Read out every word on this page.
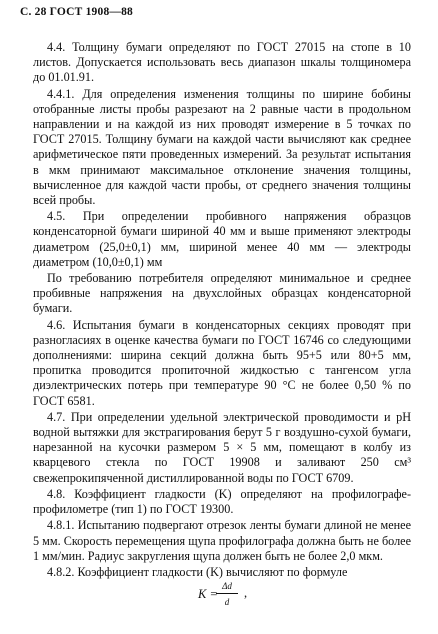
С. 28 ГОСТ 1908—88

4.4. Толщину бумаги определяют по ГОСТ 27015 на стопе в 10 листов. Допускается использовать весь диапазон шкалы толщиномера до 01.01.91.

4.4.1. Для определения изменения толщины по ширине бобины отобранные листы пробы разрезают на 2 равные части в продольном направлении и на каждой из них проводят измерение в 5 точках по ГОСТ 27015. Толщину бумаги на каждой части вычисляют как среднее арифметическое пяти проведенных измерений. За результат испытания в мкм принимают максимальное отклонение значения толщины, вычисленное для каждой части пробы, от среднего значения толщины всей пробы.

4.5. При определении пробивного напряжения образцов конденсаторной бумаги шириной 40 мм и выше применяют электроды диаметром (25,0±0,1) мм, шириной менее 40 мм — электроды диаметром (10,0±0,1) мм

По требованию потребителя определяют минимальное и среднее пробивные напряжения на двухслойных образцах конденсаторной бумаги.

4.6. Испытания бумаги в конденсаторных секциях проводят при разногласиях в оценке качества бумаги по ГОСТ 16746 со следующими дополнениями: ширина секций должна быть 95+5 или 80+5 мм, пропитка проводится пропиточной жидкостью с тангенсом угла диэлектрических потерь при температуре 90 °С не более 0,50 % по ГОСТ 6581.

4.7. При определении удельной электрической проводимости и pH водной вытяжки для экстрагирования берут 5 г воздушно-сухой бумаги, нарезанной на кусочки размером 5 × 5 мм, помещают в колбу из кварцевого стекла по ГОСТ 19908 и заливают 250 см³ свежепрокипяченной дистиллированной воды по ГОСТ 6709.

4.8. Коэффициент гладкости (K) определяют на профилографе-профилометре (тип 1) по ГОСТ 19300.

4.8.1. Испытанию подвергают отрезок ленты бумаги длиной не менее 5 мм. Скорость перемещения щупа профилографа должна быть не более 1 мм/мин. Радиус закругления щупа должен быть не более 2,0 мкм.

4.8.2. Коэффициент гладкости (K) вычисляют по формуле

K =
Δd
d
,
